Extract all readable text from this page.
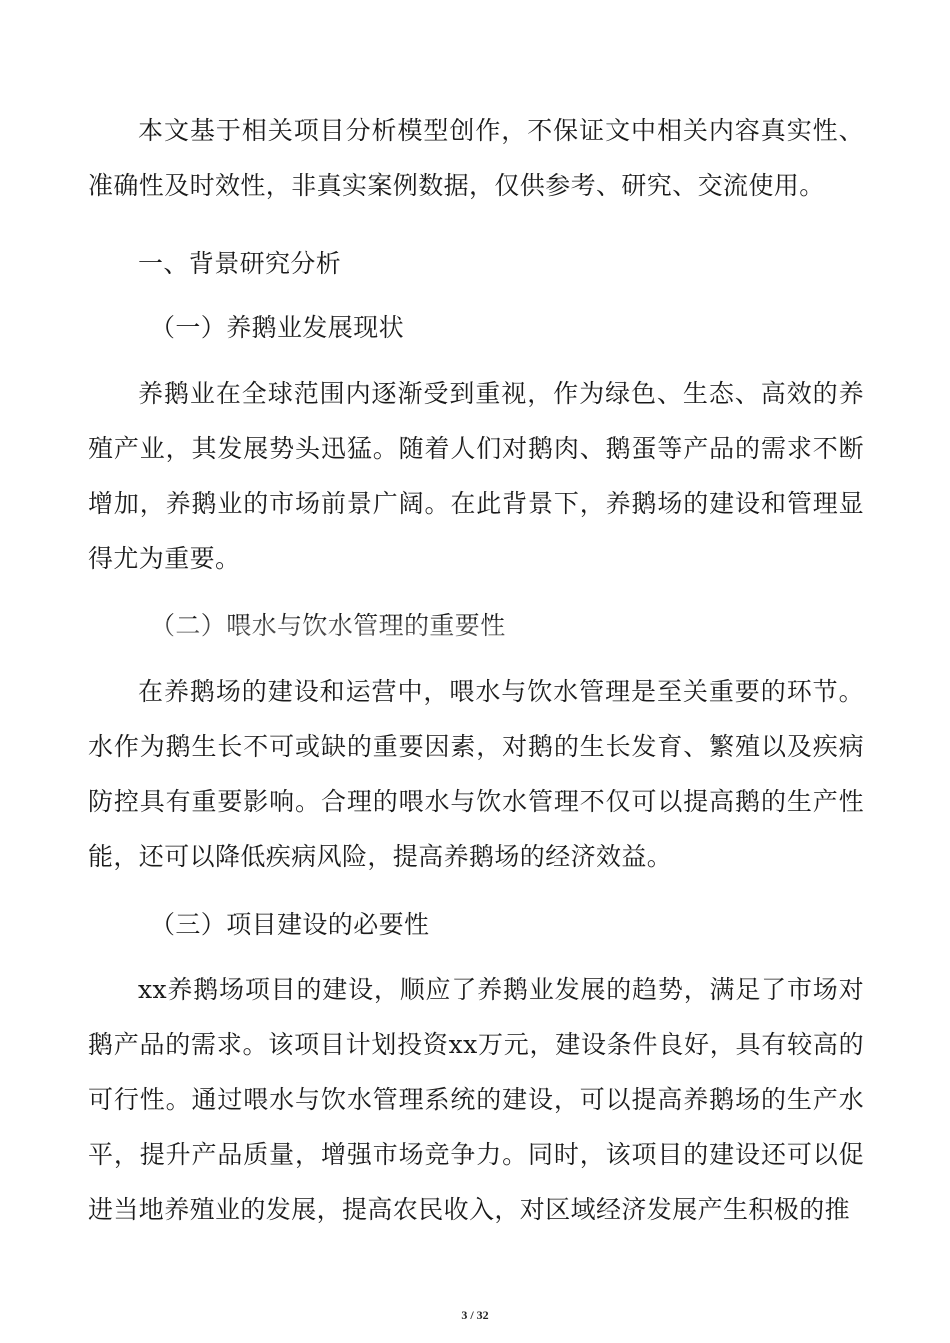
本文基于相关项目分析模型创作，不保证文中相关内容真实性、准确性及时效性，非真实案例数据，仅供参考、研究、交流使用。

一、背景研究分析
（一）养鹅业发展现状

养鹅业在全球范围内逐渐受到重视，作为绿色、生态、高效的养殖产业，其发展势头迅猛。随着人们对鹅肉、鹅蛋等产品的需求不断增加，养鹅业的市场前景广阔。在此背景下，养鹅场的建设和管理显得尤为重要。

（二）喂水与饮水管理的重要性

在养鹅场的建设和运营中，喂水与饮水管理是至关重要的环节。水作为鹅生长不可或缺的重要因素，对鹅的生长发育、繁殖以及疾病防控具有重要影响。合理的喂水与饮水管理不仅可以提高鹅的生产性能，还可以降低疾病风险，提高养鹅场的经济效益。

（三）项目建设的必要性

xx养鹅场项目的建设，顺应了养鹅业发展的趋势，满足了市场对鹅产品的需求。该项目计划投资xx万元，建设条件良好，具有较高的可行性。通过喂水与饮水管理系统的建设，可以提高养鹅场的生产水平，提升产品质量，增强市场竞争力。同时，该项目的建设还可以促进当地养殖业的发展，提高农民收入，对区域经济发展产生积极的推

3 / 32
